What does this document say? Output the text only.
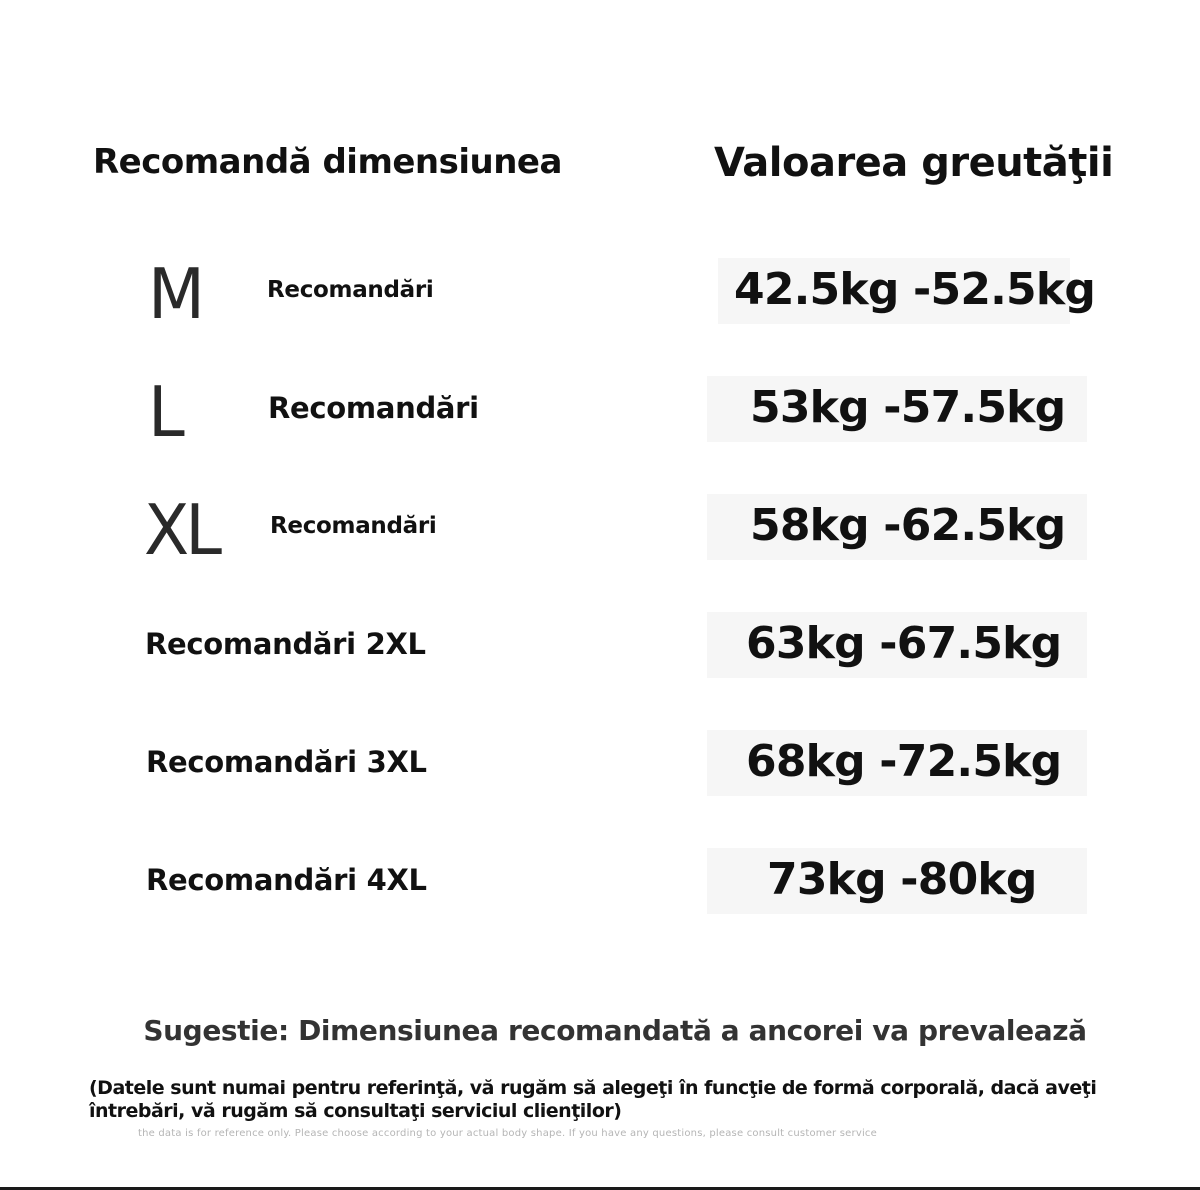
Recomandă dimensiunea	Valoarea greutăţii
M	Recomandări	42.5kg -52.5kg
L	Recomandări	53kg -57.5kg
XL Recomandări	58kg -62.5kg
Recomandări 2XL	63kg -67.5kg
Recomandări 3XL	68kg -72.5kg
Recomandări 4XL	73kg -80kg
Sugestie: Dimensiunea recomandată a ancorei va prevalează
(Datele sunt numai pentru referinţă, vă rugăm să alegeţi în funcţie de formă corporală, dacă aveţi întrebări, vă rugăm să consultaţi serviciul clienţilor)
the data is for reference only. Please choose according to your actual body shape. If you have any questions, please consult customer service
